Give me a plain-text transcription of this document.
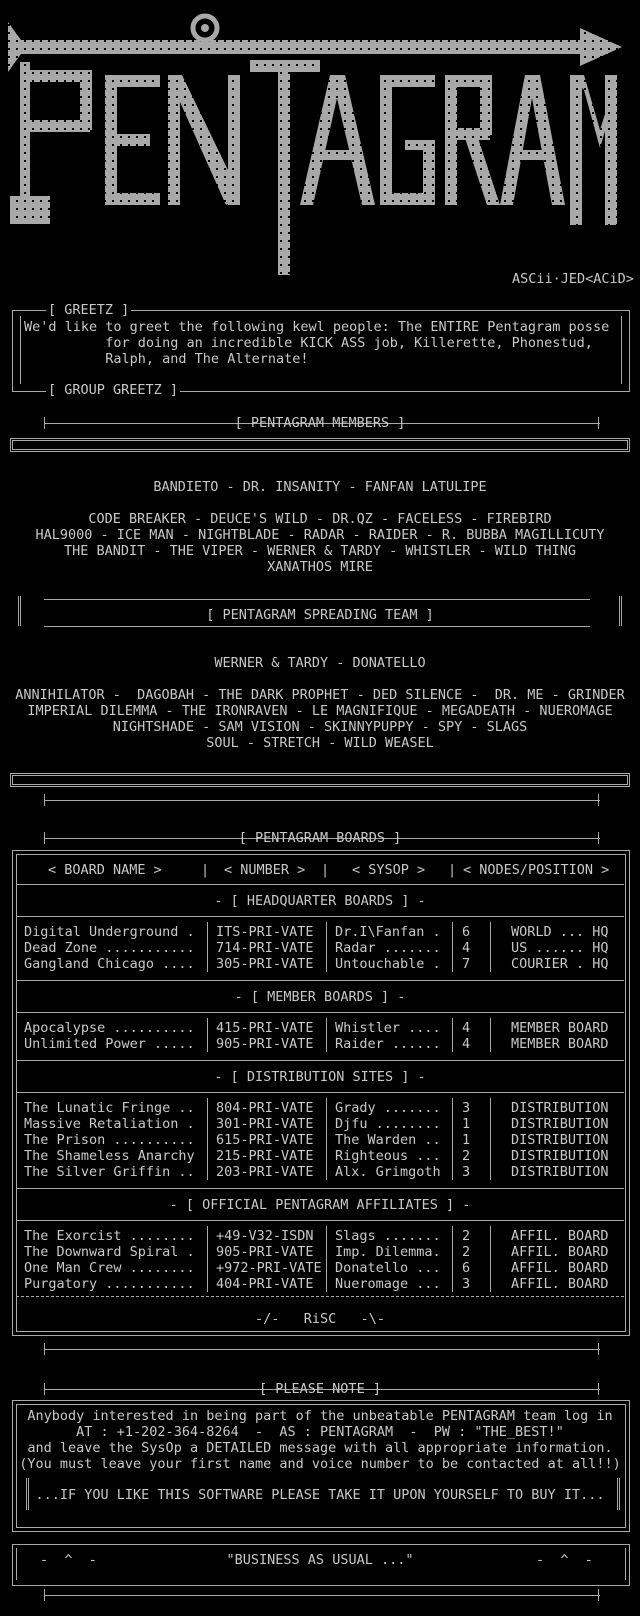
ASCii·JED<ACiD>
[ GREETZ ]
We'd like to greet the following kewl people: The ENTIRE Pentagram posse
for doing an incredible KICK ASS job, Killerette, Phonestud,
Ralph, and The Alternate!
[ GROUP GREETZ ]
[ PENTAGRAM MEMBERS ]
BANDIETO - DR. INSANITY - FANFAN LATULIPE
CODE BREAKER - DEUCE'S WILD - DR.QZ - FACELESS - FIREBIRD
HAL9000 - ICE MAN - NIGHTBLADE - RADAR - RAIDER - R. BUBBA MAGILLICUTY
THE BANDIT - THE VIPER - WERNER & TARDY - WHISTLER - WILD THING
XANATHOS MIRE
[ PENTAGRAM SPREADING TEAM ]
WERNER & TARDY - DONATELLO
ANNIHILATOR -  DAGOBAH - THE DARK PROPHET - DED SILENCE -  DR. ME - GRINDER
IMPERIAL DILEMMA - THE IRONRAVEN - LE MAGNIFIQUE - MEGADEATH - NUEROMAGE
NIGHTSHADE - SAM VISION - SKINNYPUPPY - SPY - SLAGS
SOUL - STRETCH - WILD WEASEL
[ PENTAGRAM BOARDS ]
< BOARD NAME >	| < NUMBER > | < SYSOP > | < NODES/POSITION >
- [ HEADQUARTER BOARDS ] -
Digital Underground . ITS-PRI-VATE Dr.I\Fanfan . 6	WORLD ... HQ
Dead Zone ........... 714-PRI-VATE Radar ....... 4	US ...... HQ
Gangland Chicago .... 305-PRI-VATE Untouchable . 7	COURIER . HQ
- [ MEMBER BOARDS ] -
Apocalypse .......... 415-PRI-VATE Whistler .... 4	MEMBER BOARD
Unlimited Power ..... 905-PRI-VATE Raider ...... 4	MEMBER BOARD
- [ DISTRIBUTION SITES ] -
The Lunatic Fringe .. 804-PRI-VATE Grady ....... 3	DISTRIBUTION
Massive Retaliation . 301-PRI-VATE Djfu ........ 1	DISTRIBUTION
The Prison .......... 615-PRI-VATE The Warden .. 1	DISTRIBUTION
The Shameless Anarchy 215-PRI-VATE Righteous ... 2	DISTRIBUTION
The Silver Griffin .. 203-PRI-VATE Alx. Grimgoth 3	DISTRIBUTION
- [ OFFICIAL PENTAGRAM AFFILIATES ] -
The Exorcist ........ +49-V32-ISDN Slags ....... 2	AFFIL. BOARD
The Downward Spiral . 905-PRI-VATE Imp. Dilemma. 2	AFFIL. BOARD
One Man Crew ........ +972-PRI-VATE Donatello ... 6	AFFIL. BOARD
Purgatory ........... 404-PRI-VATE Nueromage ... 3	AFFIL. BOARD
-/-   RiSC   -\-
[ PLEASE NOTE ]
Anybody interested in being part of the unbeatable PENTAGRAM team log in
AT : +1-202-364-8264  -  AS : PENTAGRAM  -  PW : "THE_BEST!"
and leave the SysOp a DETAILED message with all appropriate information.
(You must leave your first name and voice number to be contacted at all!!)
...IF YOU LIKE THIS SOFTWARE PLEASE TAKE IT UPON YOURSELF TO BUY IT...
-  ^  -	"BUSINESS AS USUAL ..."	-  ^  -
